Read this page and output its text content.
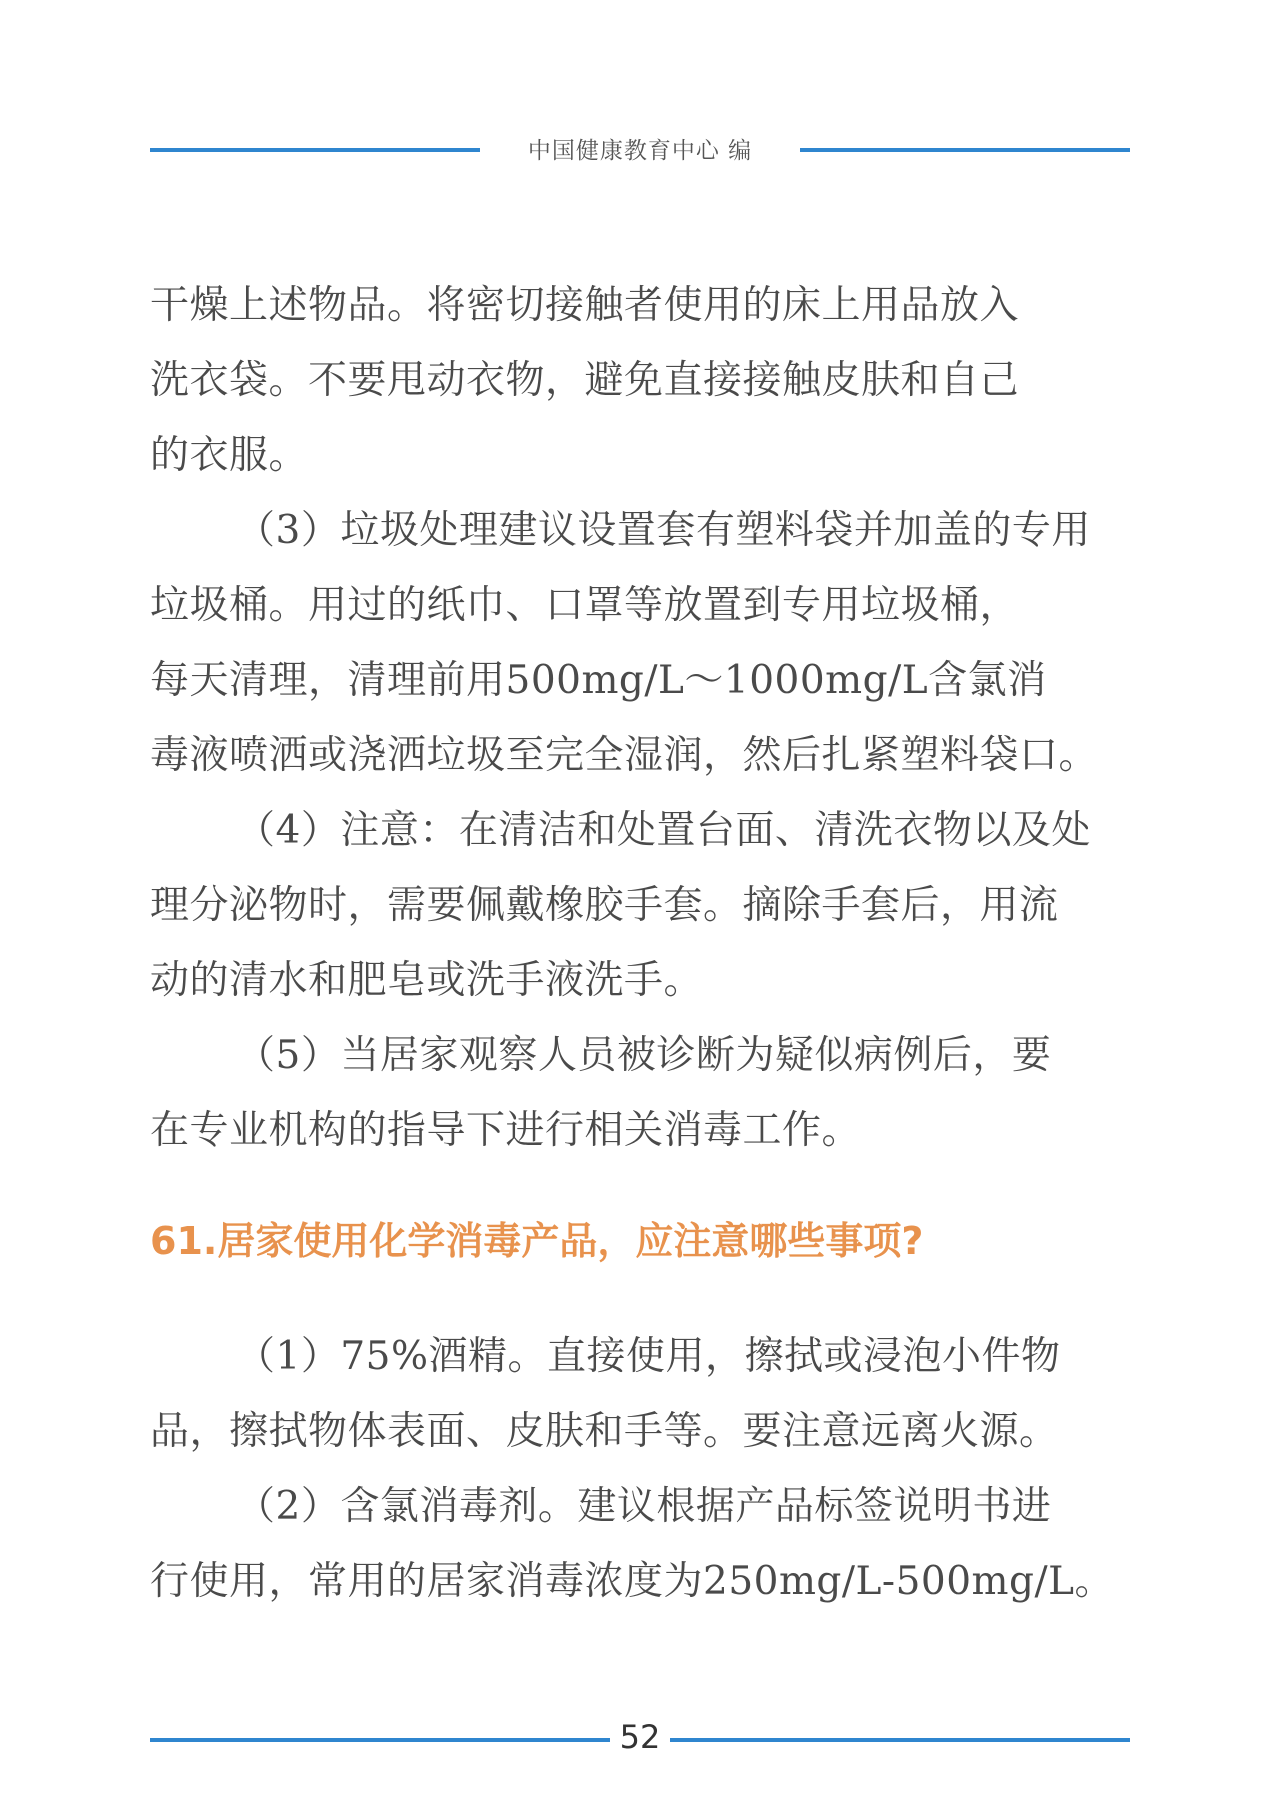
中国健康教育中心 编
干燥上述物品。将密切接触者使用的床上用品放入
洗衣袋。不要甩动衣物，避免直接接触皮肤和自己
的衣服。
（3）垃圾处理建议设置套有塑料袋并加盖的专用
垃圾桶。用过的纸巾、口罩等放置到专用垃圾桶，
每天清理，清理前用500mg/L～1000mg/L含氯消
毒液喷洒或浇洒垃圾至完全湿润，然后扎紧塑料袋口。
（4）注意：在清洁和处置台面、清洗衣物以及处
理分泌物时，需要佩戴橡胶手套。摘除手套后，用流
动的清水和肥皂或洗手液洗手。
（5）当居家观察人员被诊断为疑似病例后，要
在专业机构的指导下进行相关消毒工作。
61.居家使用化学消毒产品，应注意哪些事项?
（1）75%酒精。直接使用，擦拭或浸泡小件物
品，擦拭物体表面、皮肤和手等。要注意远离火源。
（2）含氯消毒剂。建议根据产品标签说明书进
行使用，常用的居家消毒浓度为250mg/L-500mg/L。
52
